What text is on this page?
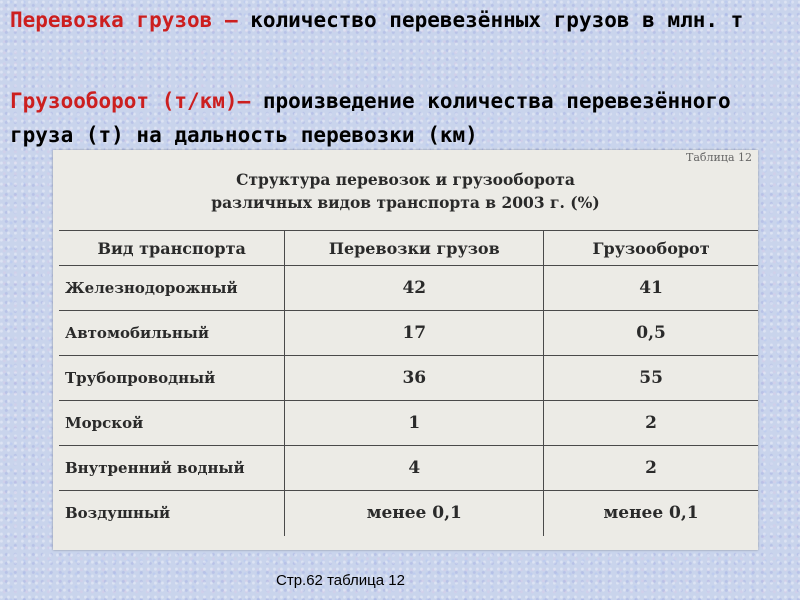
Перевозка грузов – количество перевезённых грузов в млн. т
Грузооборот (т/км)– произведение количества перевезённого груза (т) на дальность перевозки (км)
Таблица 12
Структура перевозок и грузооборота
различных видов транспорта в 2003 г. (%)
Вид транспорта	Перевозки грузов	Грузооборот
Железнодорожный	42	41
Автомобильный	17	0,5
Трубопроводный	36	55
Морской	1	2
Внутренний водный	4	2
Воздушный	менее 0,1	менее 0,1
Стр.62 таблица 12
